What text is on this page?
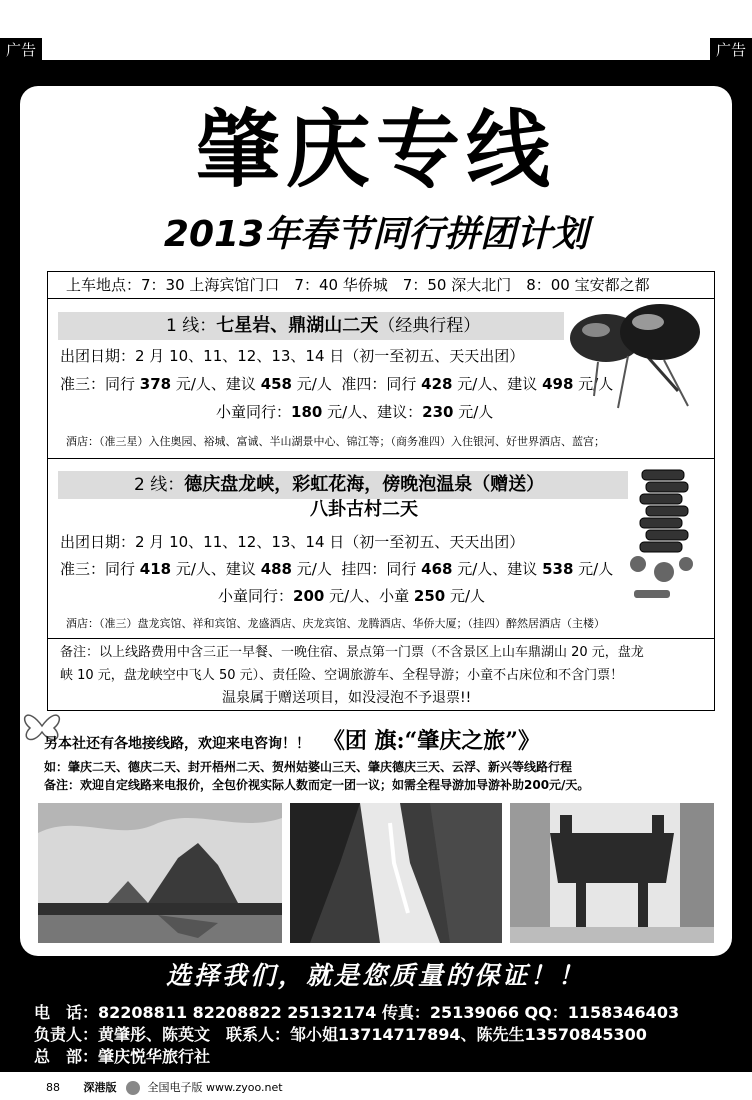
广告	广告
肇庆专线
2013年春节同行拼团计划
上车地点：7：30 上海宾馆门口　7：40 华侨城　7：50 深大北门　8：00 宝安都之都
1 线：七星岩、鼎湖山二天（经典行程）
出团日期：2 月 10、11、12、13、14 日（初一至初五、天天出团）
准三：同行 378 元/人、建议 458 元/人 准四：同行 428 元/人、建议 498 元/人
小童同行：180 元/人、建议：230 元/人
酒店：（准三星）入住奥园、裕城、富诚、半山湖景中心、锦江等；（商务准四）入住银河、好世界酒店、蓝宫；
2 线：德庆盘龙峡，彩虹花海，傍晚泡温泉（赠送）
八卦古村二天
出团日期：2 月 10、11、12、13、14 日（初一至初五、天天出团）
准三：同行 418 元/人、建议 488 元/人 挂四：同行 468 元/人、建议 538 元/人
小童同行：200 元/人、小童 250 元/人
酒店：（准三）盘龙宾馆、祥和宾馆、龙盛酒店、庆龙宾馆、龙腾酒店、华侨大厦；（挂四）醉然居酒店（主楼）
备注：以上线路费用中含三正一早餐、一晚住宿、景点第一门票（不含景区上山车鼎湖山 20 元，盘龙
峡 10 元，盘龙峡空中飞人 50 元）、责任险、空调旅游车、全程导游；小童不占床位和不含门票！
温泉属于赠送项目，如没浸泡不予退票!!
另本社还有各地接线路，欢迎来电咨询！！ 《团 旗:“肇庆之旅”》
如：肇庆二天、德庆二天、封开梧州二天、贺州姑婆山三天、肇庆德庆三天、云浮、新兴等线路行程
备注：欢迎自定线路来电报价，全包价视实际人数而定一团一议；如需全程导游加导游补助200元/天。
选择我们，就是您质量的保证！！
电　话：82208811 82208822 25132174 传真：25139066 QQ：1158346403
负责人：黄肇彤、陈英文　联系人：邹小姐13714717894、陈先生13570845300
总　部：肇庆悦华旅行社
88 深港版	全国电子版 www.zyoo.net
